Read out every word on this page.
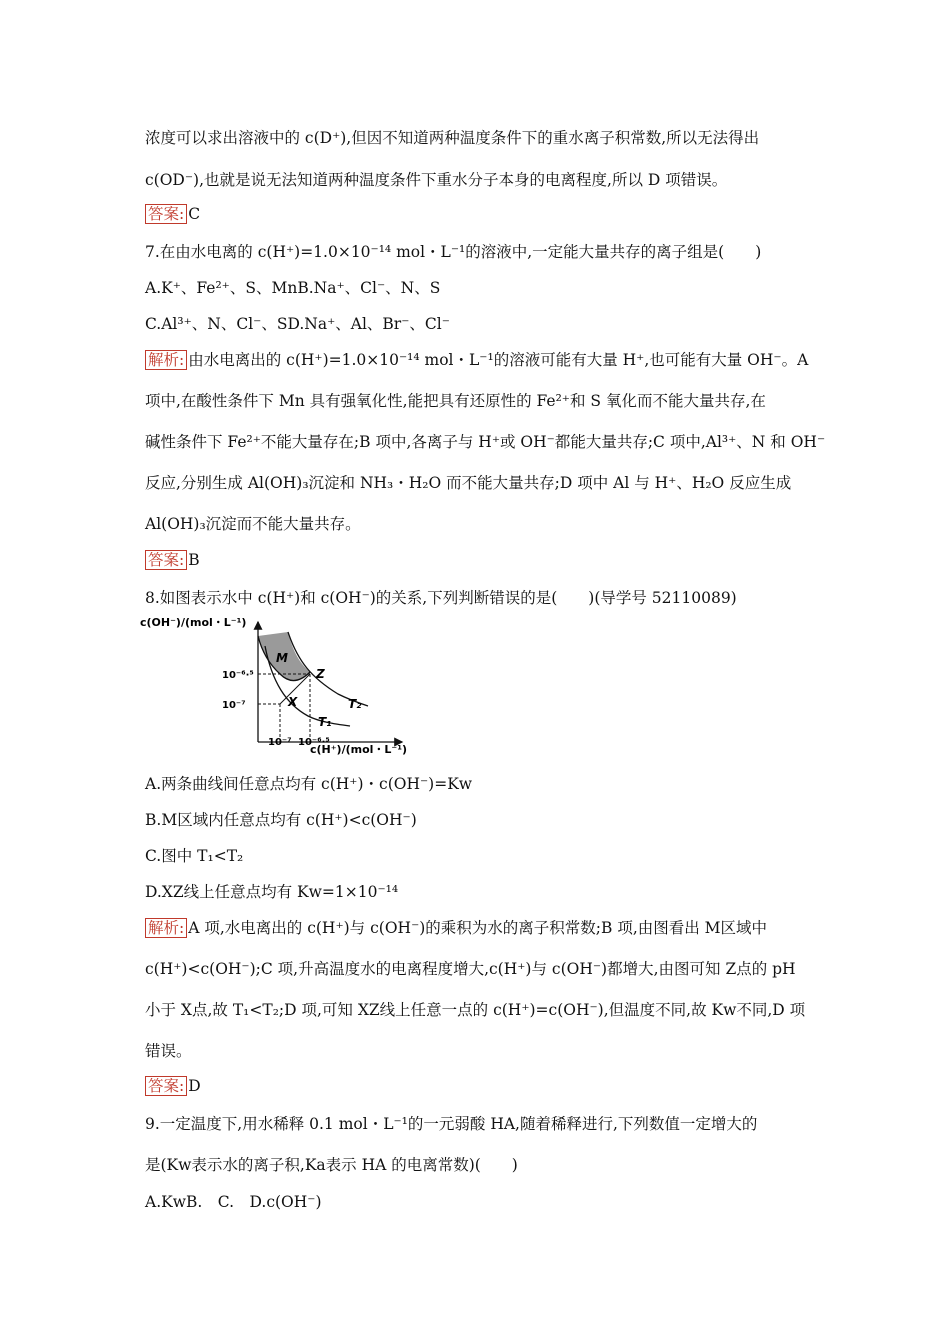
浓度可以求出溶液中的 c(D⁺),但因不知道两种温度条件下的重水离子积常数,所以无法得出
c(OD⁻),也就是说无法知道两种温度条件下重水分子本身的电离程度,所以 D 项错误。
答案: C
7.在由水电离的 c(H⁺)=1.0×10⁻¹⁴ mol・L⁻¹的溶液中,一定能大量共存的离子组是(　　)
A.K⁺、Fe²⁺、S、MnB.Na⁺、Cl⁻、N、S
C.Al³⁺、N、Cl⁻、SD.Na⁺、Al、Br⁻、Cl⁻
解析: 由水电离出的 c(H⁺)=1.0×10⁻¹⁴ mol・L⁻¹的溶液可能有大量 H⁺,也可能有大量 OH⁻。A
项中,在酸性条件下 Mn 具有强氧化性,能把具有还原性的 Fe²⁺和 S 氧化而不能大量共存,在
碱性条件下 Fe²⁺不能大量存在;B 项中,各离子与 H⁺或 OH⁻都能大量共存;C 项中,Al³⁺、N 和 OH⁻
反应,分别生成 Al(OH)₃沉淀和 NH₃・H₂O 而不能大量共存;D 项中 Al 与 H⁺、H₂O 反应生成
Al(OH)₃沉淀而不能大量共存。
答案: B
8.如图表示水中 c(H⁺)和 c(OH⁻)的关系,下列判断错误的是(　　)(导学号 52110089)
c(OH⁻)/(mol・L⁻¹)
c(H⁺)/(mol・L⁻¹)
10⁻⁶·⁵
10⁻⁷
10⁻⁷ 10⁻⁶·⁵
M
X
Z
T₁
T₂
A.两条曲线间任意点均有 c(H⁺)・c(OH⁻)=Kw
B.M区域内任意点均有 c(H⁺)<c(OH⁻)
C.图中 T₁<T₂
D.XZ线上任意点均有 Kw=1×10⁻¹⁴
解析: A 项,水电离出的 c(H⁺)与 c(OH⁻)的乘积为水的离子积常数;B 项,由图看出 M区域中
c(H⁺)<c(OH⁻);C 项,升高温度水的电离程度增大,c(H⁺)与 c(OH⁻)都增大,由图可知 Z点的 pH
小于 X点,故 T₁<T₂;D 项,可知 XZ线上任意一点的 c(H⁺)=c(OH⁻),但温度不同,故 Kw不同,D 项
错误。
答案: D
9.一定温度下,用水稀释 0.1 mol・L⁻¹的一元弱酸 HA,随着稀释进行,下列数值一定增大的
是(Kw表示水的离子积,Ka表示 HA 的电离常数)(　　)
A.KwB.　C.　D.c(OH⁻)
